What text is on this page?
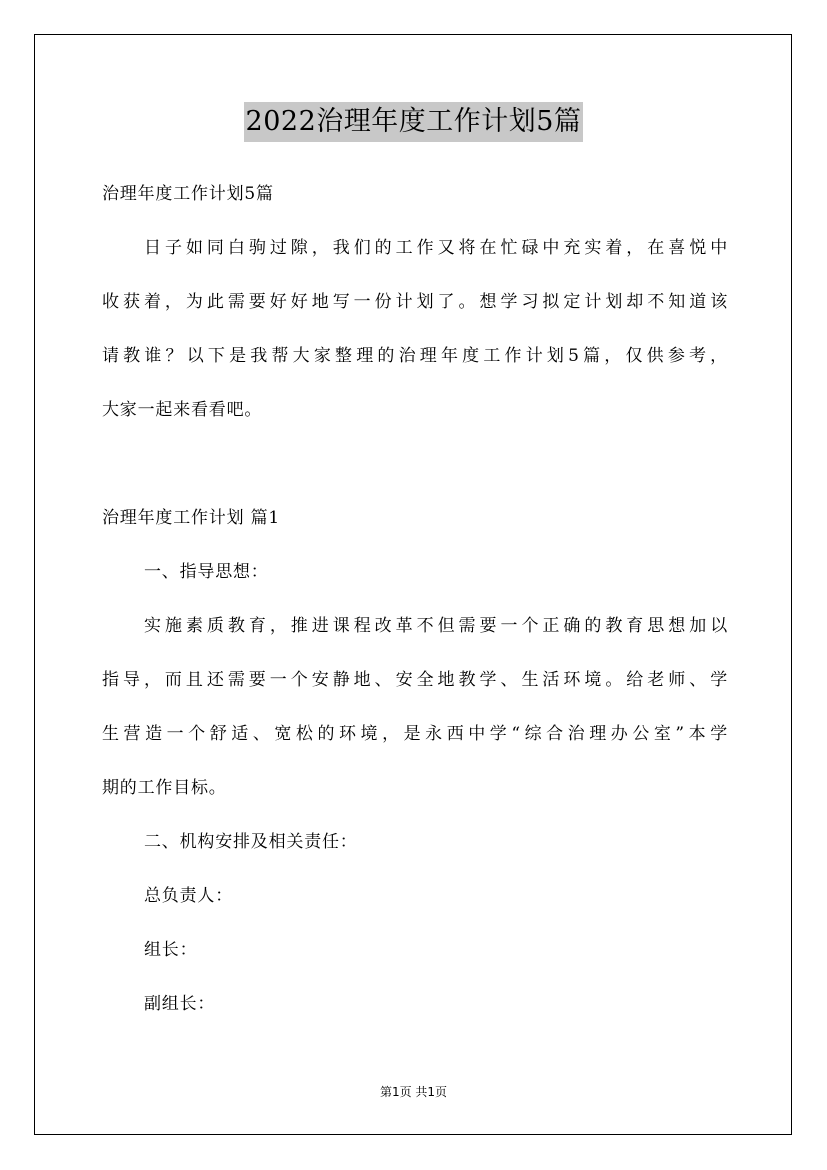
2022治理年度工作计划5篇
治理年度工作计划5篇
日子如同白驹过隙，我们的工作又将在忙碌中充实着，在喜悦中
收获着，为此需要好好地写一份计划了。想学习拟定计划却不知道该
请教谁？以下是我帮大家整理的治理年度工作计划5篇，仅供参考，
大家一起来看看吧。
治理年度工作计划 篇1
一、指导思想：
实施素质教育，推进课程改革不但需要一个正确的教育思想加以
指导，而且还需要一个安静地、安全地教学、生活环境。给老师、学
生营造一个舒适、宽松的环境，是永西中学“综合治理办公室”本学
期的工作目标。
二、机构安排及相关责任：
总负责人：
组长：
副组长：
第1页 共1页
